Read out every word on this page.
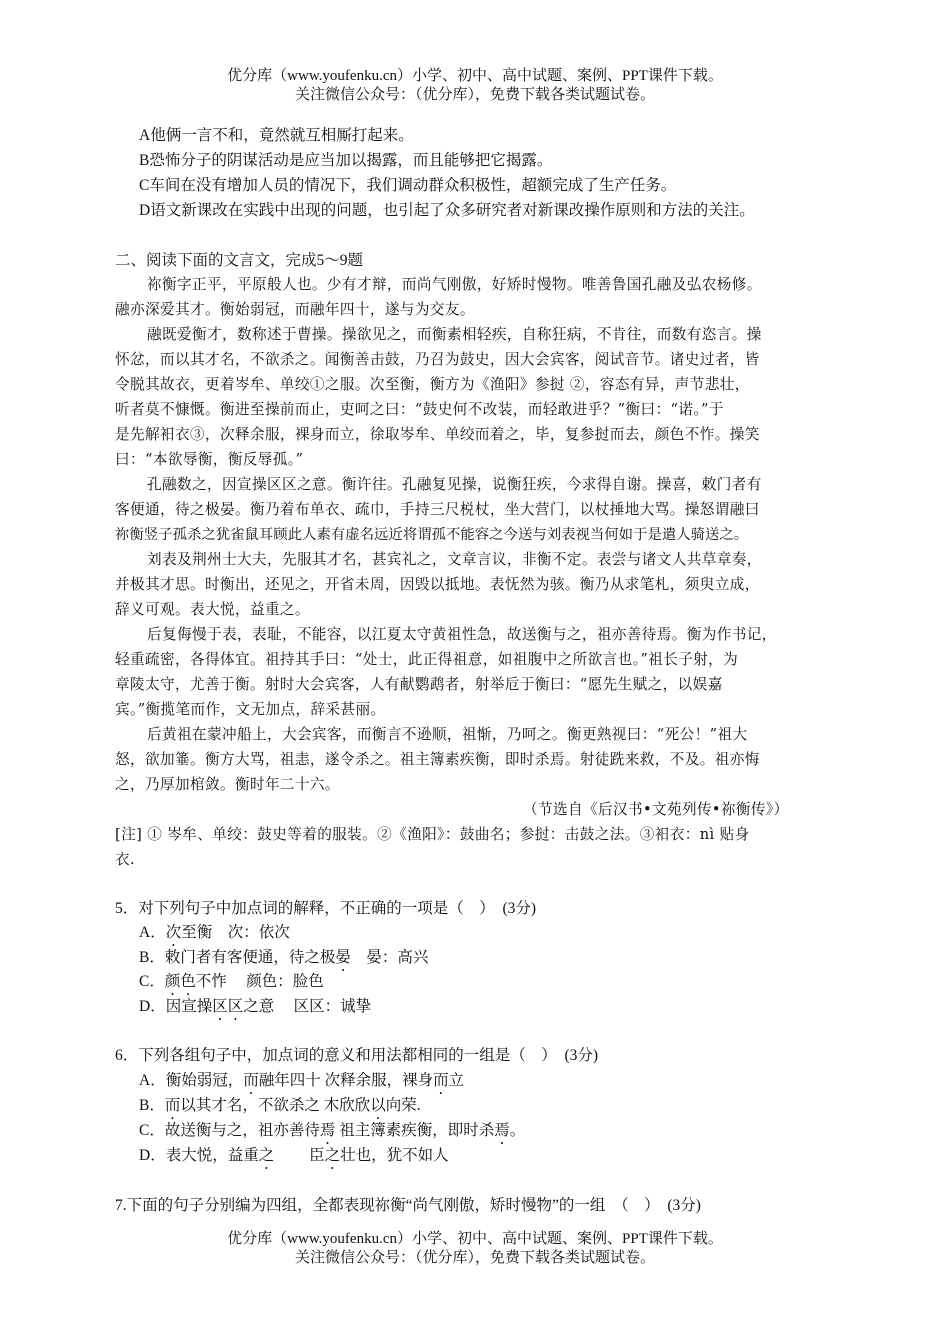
优分库（www.youfenku.cn）小学、初中、高中试题、案例、PPT课件下载。
关注微信公众号：（优分库），免费下载各类试题试卷。
A他俩一言不和，竟然就互相厮打起来。
B恐怖分子的阴谋活动是应当加以揭露，而且能够把它揭露。
C车间在没有增加人员的情况下，我们调动群众积极性，超额完成了生产任务。
D语文新课改在实践中出现的问题，也引起了众多研究者对新课改操作原则和方法的关注。
二、阅读下面的文言文，完成5～9题
祢衡字正平，平原般人也。少有才辩，而尚气刚傲，好矫时慢物。唯善鲁国孔融及弘农杨修。
融亦深爱其才。衡始弱冠，而融年四十，遂与为交友。
融既爱衡才，数称述于曹操。操欲见之，而衡素相轻疾，自称狂病，不肯往，而数有恣言。操
怀忿，而以其才名，不欲杀之。闻衡善击鼓，乃召为鼓史，因大会宾客，阅试音节。诸史过者，皆
令脱其故衣，更着岑牟、单绞①之服。次至衡，衡方为《渔阳》参挝 ②，容态有异，声节悲壮，
听者莫不慷慨。衡进至操前而止，吏呵之曰：“鼓史何不改装，而轻敢进乎？”衡曰：“诺。”于
是先解衵衣③，次释余服，裸身而立，徐取岑牟、单绞而着之，毕，复参挝而去，颜色不怍。操笑
曰：“本欲辱衡，衡反辱孤。”
孔融数之，因宣操区区之意。衡许往。孔融复见操，说衡狂疾，今求得自谢。操喜，敕门者有
客便通，待之极晏。衡乃着布单衣、疏巾，手持三尺棁杖，坐大营门，以杖捶地大骂。操怒谓融曰
祢衡竖子孤杀之犹雀鼠耳顾此人素有虚名远近将谓孤不能容之今送与刘表视当何如于是遣人骑送之。
刘表及荆州士大夫，先服其才名，甚宾礼之，文章言议，非衡不定。表尝与诸文人共草章奏，
并极其才思。时衡出，还见之，开省未周，因毁以抵地。表怃然为骇。衡乃从求笔札，须臾立成，
辞义可观。表大悦，益重之。
后复侮慢于表，表耻，不能容，以江夏太守黄祖性急，故送衡与之，祖亦善待焉。衡为作书记，
轻重疏密，各得体宜。祖持其手曰：“处士，此正得祖意，如祖腹中之所欲言也。”祖长子射，为
章陵太守，尤善于衡。射时大会宾客，人有献鹦鹉者，射举卮于衡曰：“愿先生赋之，以娱嘉
宾。”衡揽笔而作，文无加点，辞采甚丽。
后黄祖在蒙冲船上，大会宾客，而衡言不逊顺，祖惭，乃呵之。衡更熟视曰：“死公！”祖大
怒，欲加箠。衡方大骂，祖恚，遂令杀之。祖主簿素疾衡，即时杀焉。射徒跣来救，不及。祖亦悔
之，乃厚加棺敛。衡时年二十六。
（节选自《后汉书•文苑列传•祢衡传》）
[注] ① 岑牟、单绞：鼓史等着的服装。②《渔阳》：鼓曲名；参挝：击鼓之法。③衵衣：nì 贴身
衣.
5．对下列句子中加点词的解释，不正确的一项是（　）　(3分)
A．次至衡　次：依次
B．敕门者有客便通，待之极晏　晏：高兴
C．颜色不怍　 颜色：脸色
D．因宣操区区之意　 区区：诚挚
6．下列各组句子中，加点词的意义和用法都相同的一组是（　）　(3分)
A．衡始弱冠，而融年四十 次释余服，裸身而立
B．而以其才名，不欲杀之 木欣欣以向荣.
C．故送衡与之，祖亦善待焉 祖主簿素疾衡，即时杀焉。
D．表大悦，益重之　　 臣之壮也，犹不如人
7.下面的句子分别编为四组，全都表现祢衡“尚气刚傲，矫时慢物”的一组　（　）　(3分)
优分库（www.youfenku.cn）小学、初中、高中试题、案例、PPT课件下载。
关注微信公众号：（优分库），免费下载各类试题试卷。
